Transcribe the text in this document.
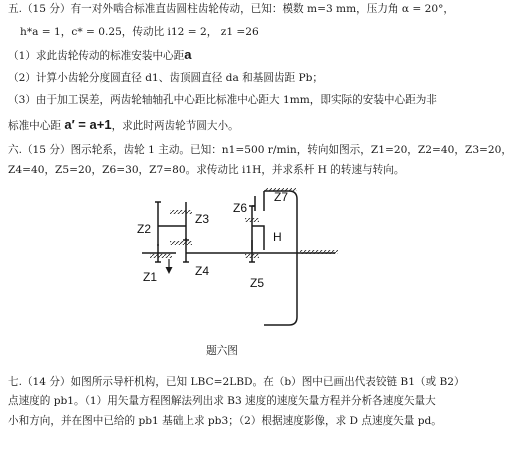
五.（15 分）有一对外啮合标准直齿圆柱齿轮传动，已知：模数 m=3 mm，压力角 α = 20°，
h*a = 1，c* = 0.25，传动比 i12 = 2， z1 =26
（1）求此齿轮传动的标准安装中心距a
（2）计算小齿轮分度圆直径 d1、齿顶圆直径 da 和基圆齿距 Pb；
（3）由于加工误差，两齿轮轴轴孔中心距比标准中心距大 1mm，即实际的安装中心距为非
标准中心距 a′ = a+1，求此时两齿轮节圆大小。
六.（15 分）图示轮系，齿轮 1 主动。已知：n1=500 r/min，转向如图示，Z1=20，Z2=40，Z3=20，
Z4=40，Z5=20，Z6=30，Z7=80。求传动比 i1H，并求系杆 H 的转速与转向。
Z1
Z2
Z3
Z4
Z5
Z6
Z7
H
题六图
七.（14 分）如图所示导杆机构，已知 LBC=2LBD。在（b）图中已画出代表铰链 B1（或 B2）
点速度的 pb1。（1）用矢量方程图解法列出求 B3 速度的速度矢量方程并分析各速度矢量大
小和方向，并在图中已给的 pb1 基础上求 pb3；（2）根据速度影像，求 D 点速度矢量 pd。
